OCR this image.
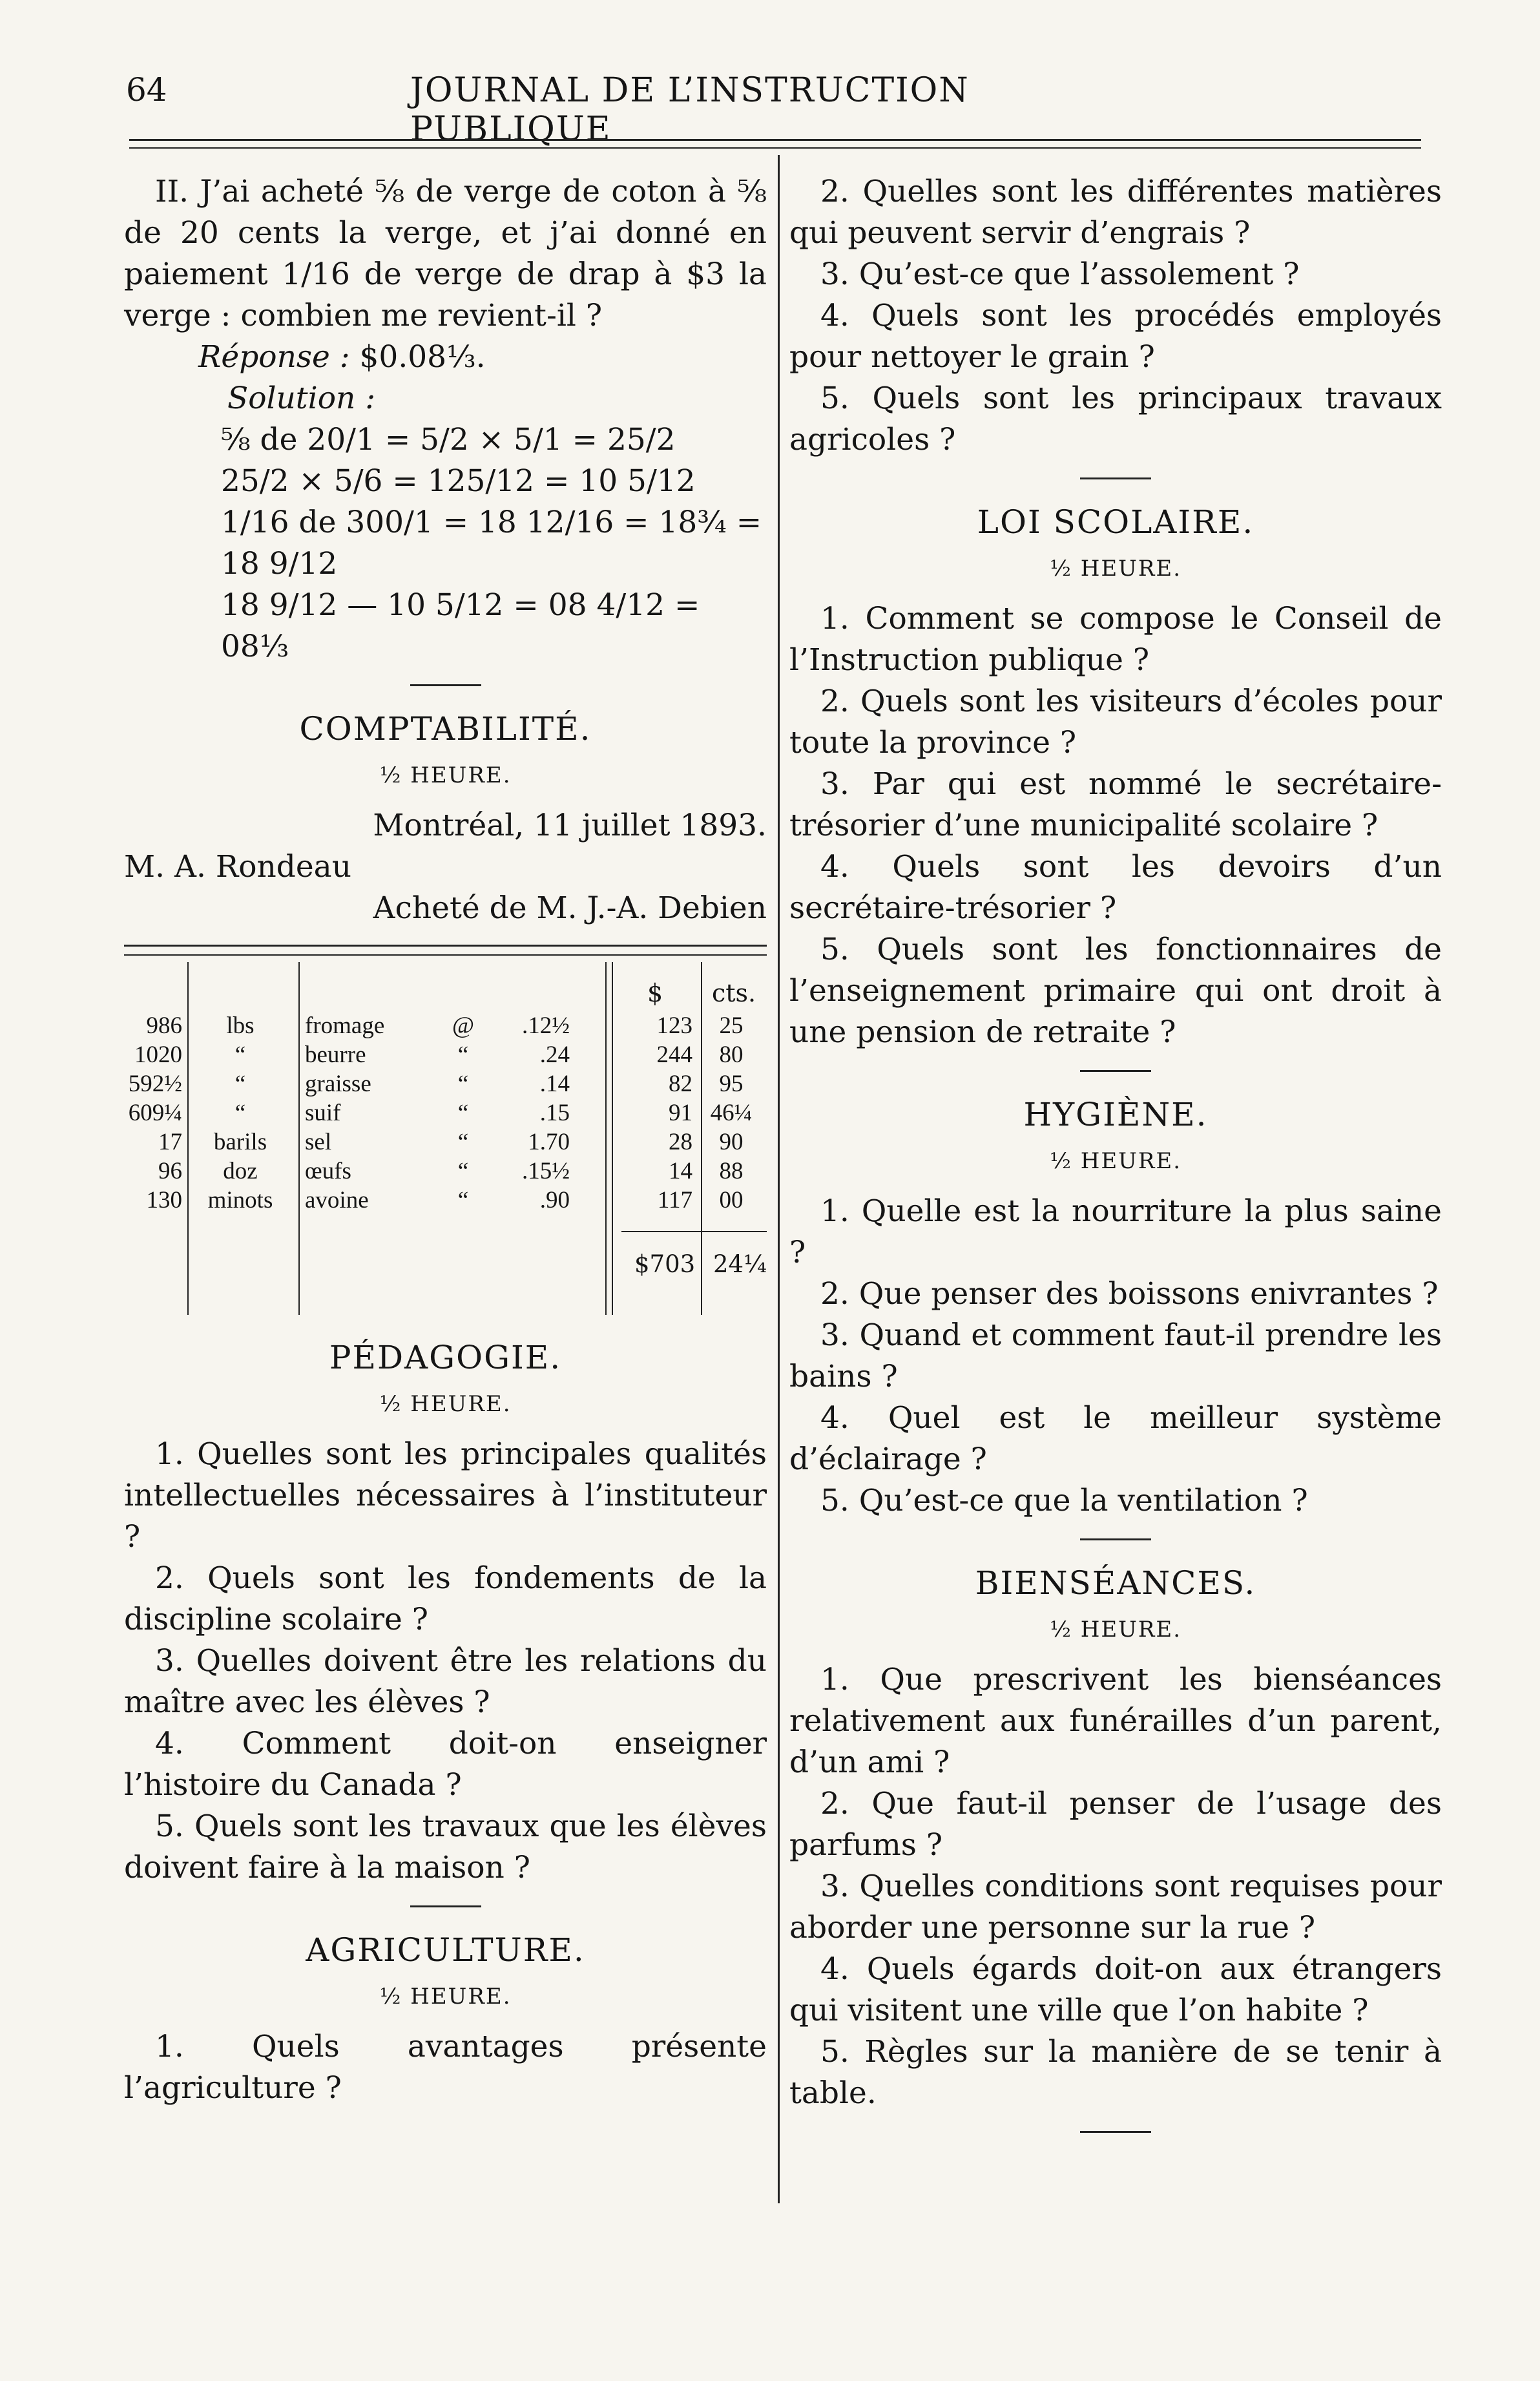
64	JOURNAL DE L’INSTRUCTION PUBLIQUE

II. J’ai acheté ⅝ de verge de coton à ⅝ de 20 cents la verge, et j’ai donné en paiement 1/16 de verge de drap à $3 la verge : combien me revient-il ?

Réponse : $0.08⅓.

Solution :

⅝ de 20/1 = 5/2 × 5/1 = 25/2
25/2 × 5/6 = 125/12 = 10 5/12
1/16 de 300/1 = 18 12/16 = 18¾ = 18 9/12
18 9/12 — 10 5/12 = 08 4/12 = 08⅓
COMPTABILITÉ.
½ HEURE.

Montréal, 11 juillet 1893.

M. A. Rondeau

Acheté de M. J.-A. Debien

$ cts.
986	lbs	fromage	@	.12½	123	25
1020	“	beurre	“	.24	244	80
592½	“	graisse	“	.14	82	95
609¼	“	suif	“	.15	91 46¼
17	barils	sel	“	1.70	28	90
96	doz	œufs	“	.15½	14	88
130	minots	avoine	“	.90	117	00
$703 24¼
PÉDAGOGIE.
½ HEURE.

1. Quelles sont les principales qualités intellectuelles nécessaires à l’instituteur ?

2. Quels sont les fondements de la discipline scolaire ?

3. Quelles doivent être les relations du maître avec les élèves ?

4. Comment doit-on enseigner l’histoire du Canada ?

5. Quels sont les travaux que les élèves doivent faire à la maison ?

AGRICULTURE.
½ HEURE.

1. Quels avantages présente l’agriculture ?

2. Quelles sont les différentes matières qui peuvent servir d’engrais ?

3. Qu’est-ce que l’assolement ?

4. Quels sont les procédés employés pour nettoyer le grain ?

5. Quels sont les principaux travaux agricoles ?

LOI SCOLAIRE.
½ HEURE.

1. Comment se compose le Conseil de l’Instruction publique ?

2. Quels sont les visiteurs d’écoles pour toute la province ?

3. Par qui est nommé le secrétaire-trésorier d’une municipalité scolaire ?

4. Quels sont les devoirs d’un secrétaire-trésorier ?

5. Quels sont les fonctionnaires de l’enseignement primaire qui ont droit à une pension de retraite ?

HYGIÈNE.
½ HEURE.

1. Quelle est la nourriture la plus saine ?

2. Que penser des boissons enivrantes ?

3. Quand et comment faut-il prendre les bains ?

4. Quel est le meilleur système d’éclairage ?

5. Qu’est-ce que la ventilation ?

BIENSÉANCES.
½ HEURE.

1. Que prescrivent les bienséances relativement aux funérailles d’un parent, d’un ami ?

2. Que faut-il penser de l’usage des parfums ?

3. Quelles conditions sont requises pour aborder une personne sur la rue ?

4. Quels égards doit-on aux étrangers qui visitent une ville que l’on habite ?

5. Règles sur la manière de se tenir à table.
